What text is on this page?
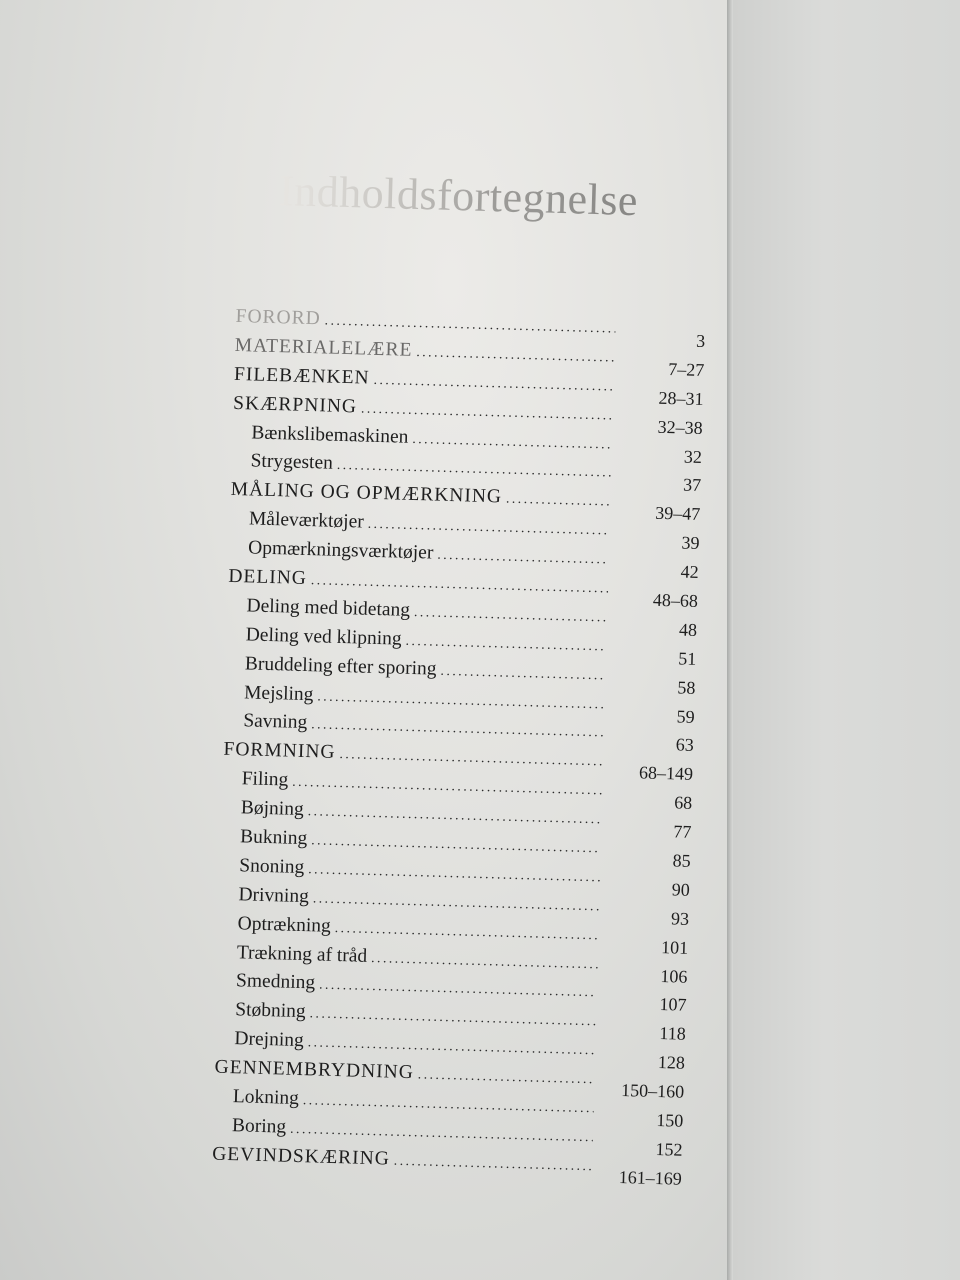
Indholdsfortegnelse
FORORD
.....
3
MATERIALELÆRE
.....
7–27
FILEBÆNKEN
.....
28–31
SKÆRPNING
.....
32–38
Bænkslibemaskinen
.....
32
Strygesten
.....
37
MÅLING OG OPMÆRKNING
.....
39–47
Måleværktøjer
.....
39
Opmærkningsværktøjer
.....
42
DELING
.....
48–68
Deling med bidetang
.....
48
Deling ved klipning
.....
51
Bruddeling efter sporing
.....
58
Mejsling
.....
59
Savning
.....
63
FORMNING
.....
68–149
Filing
.....
68
Bøjning
.....
77
Bukning
.....
85
Snoning
.....
90
Drivning
.....
93
Optrækning
.....
101
Trækning af tråd
.....
106
Smedning
.....
107
Støbning
.....
118
Drejning
.....
128
GENNEMBRYDNING
.....
150–160
Lokning
.....
150
Boring
.....
152
GEVINDSKÆRING
.....
161–169
